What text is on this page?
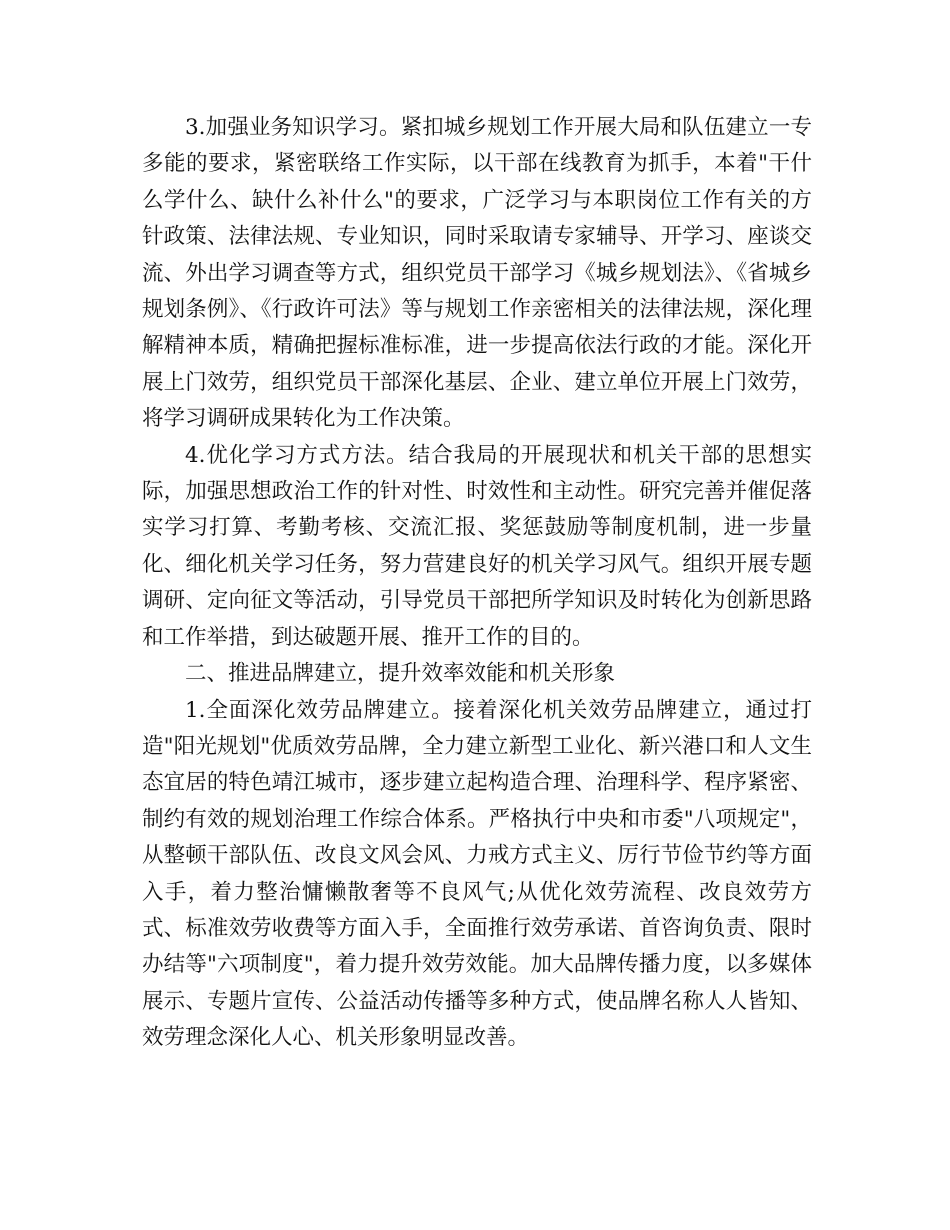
3.加强业务知识学习。紧扣城乡规划工作开展大局和队伍建立一专多能的要求，紧密联络工作实际，以干部在线教育为抓手，本着"干什么学什么、缺什么补什么"的要求，广泛学习与本职岗位工作有关的方针政策、法律法规、专业知识，同时采取请专家辅导、开学习、座谈交流、外出学习调查等方式，组织党员干部学习《城乡规划法》、《省城乡规划条例》、《行政许可法》等与规划工作亲密相关的法律法规，深化理解精神本质，精确把握标准标准，进一步提高依法行政的才能。深化开展上门效劳，组织党员干部深化基层、企业、建立单位开展上门效劳，将学习调研成果转化为工作决策。

4.优化学习方式方法。结合我局的开展现状和机关干部的思想实际，加强思想政治工作的针对性、时效性和主动性。研究完善并催促落实学习打算、考勤考核、交流汇报、奖惩鼓励等制度机制，进一步量化、细化机关学习任务，努力营建良好的机关学习风气。组织开展专题调研、定向征文等活动，引导党员干部把所学知识及时转化为创新思路和工作举措，到达破题开展、推开工作的目的。

二、推进品牌建立，提升效率效能和机关形象

1.全面深化效劳品牌建立。接着深化机关效劳品牌建立，通过打造"阳光规划"优质效劳品牌，全力建立新型工业化、新兴港口和人文生态宜居的特色靖江城市，逐步建立起构造合理、治理科学、程序紧密、制约有效的规划治理工作综合体系。严格执行中央和市委"八项规定"，从整顿干部队伍、改良文风会风、力戒方式主义、厉行节俭节约等方面入手，着力整治慵懒散奢等不良风气;从优化效劳流程、改良效劳方式、标准效劳收费等方面入手，全面推行效劳承诺、首咨询负责、限时办结等"六项制度"，着力提升效劳效能。加大品牌传播力度，以多媒体展示、专题片宣传、公益活动传播等多种方式，使品牌名称人人皆知、效劳理念深化人心、机关形象明显改善。
